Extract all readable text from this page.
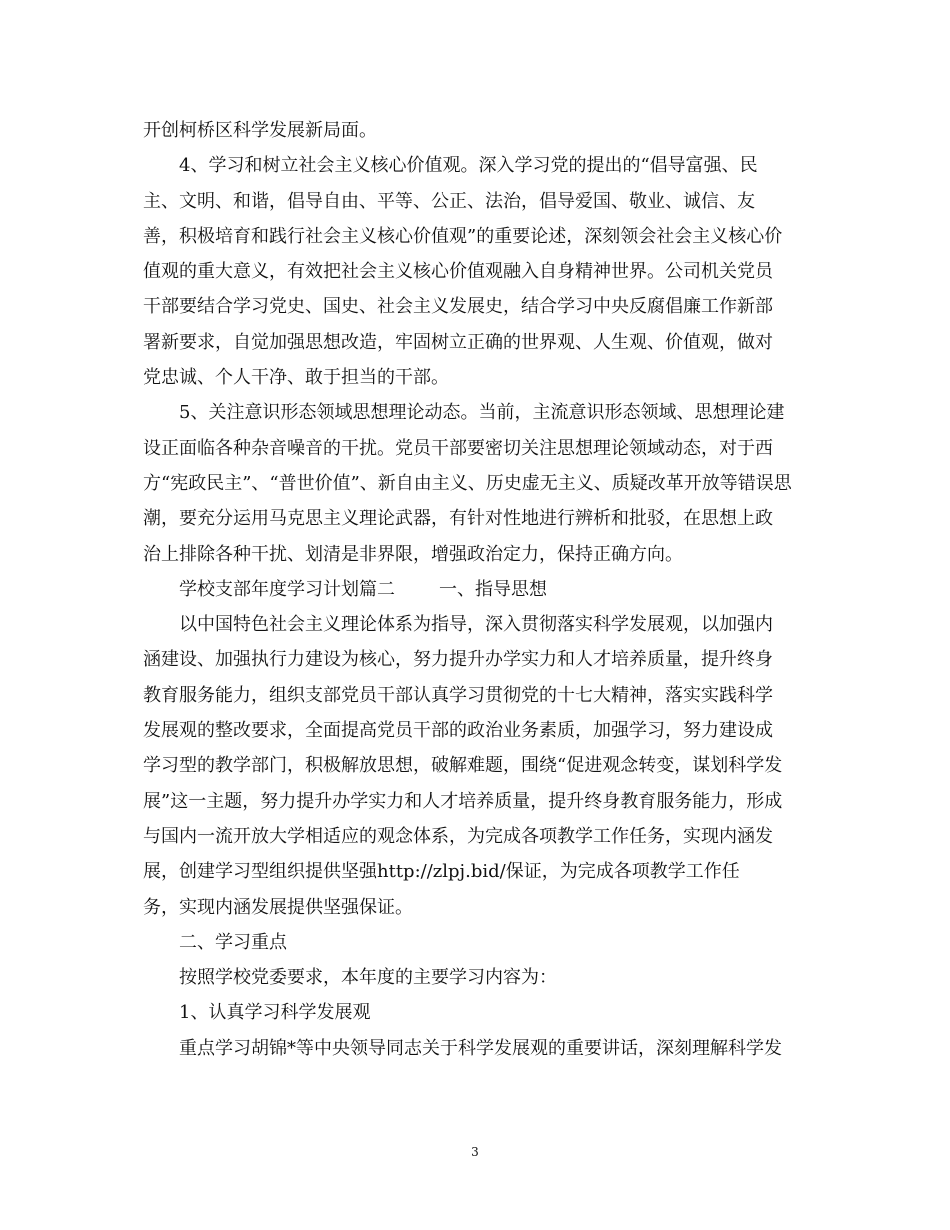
开创柯桥区科学发展新局面。
4、学习和树立社会主义核心价值观。深入学习党的提出的“倡导富强、民
主、文明、和谐，倡导自由、平等、公正、法治，倡导爱国、敬业、诚信、友
善，积极培育和践行社会主义核心价值观”的重要论述，深刻领会社会主义核心价
值观的重大意义，有效把社会主义核心价值观融入自身精神世界。公司机关党员
干部要结合学习党史、国史、社会主义发展史，结合学习中央反腐倡廉工作新部
署新要求，自觉加强思想改造，牢固树立正确的世界观、人生观、价值观，做对
党忠诚、个人干净、敢于担当的干部。
5、关注意识形态领域思想理论动态。当前，主流意识形态领域、思想理论建
设正面临各种杂音噪音的干扰。党员干部要密切关注思想理论领域动态，对于西
方“宪政民主”、“普世价值”、新自由主义、历史虚无主义、质疑改革开放等错误思
潮，要充分运用马克思主义理论武器，有针对性地进行辨析和批驳，在思想上政
治上排除各种干扰、划清是非界限，增强政治定力，保持正确方向。
学校支部年度学习计划篇二 一、指导思想
以中国特色社会主义理论体系为指导，深入贯彻落实科学发展观，以加强内
涵建设、加强执行力建设为核心，努力提升办学实力和人才培养质量，提升终身
教育服务能力，组织支部党员干部认真学习贯彻党的十七大精神，落实实践科学
发展观的整改要求，全面提高党员干部的政治业务素质，加强学习，努力建设成
学习型的教学部门，积极解放思想，破解难题，围绕“促进观念转变，谋划科学发
展”这一主题，努力提升办学实力和人才培养质量，提升终身教育服务能力，形成
与国内一流开放大学相适应的观念体系，为完成各项教学工作任务，实现内涵发
展，创建学习型组织提供坚强http://zlpj.bid/保证，为完成各项教学工作任
务，实现内涵发展提供坚强保证。
二、学习重点
按照学校党委要求，本年度的主要学习内容为：
1、认真学习科学发展观
重点学习胡锦*等中央领导同志关于科学发展观的重要讲话，深刻理解科学发
3
